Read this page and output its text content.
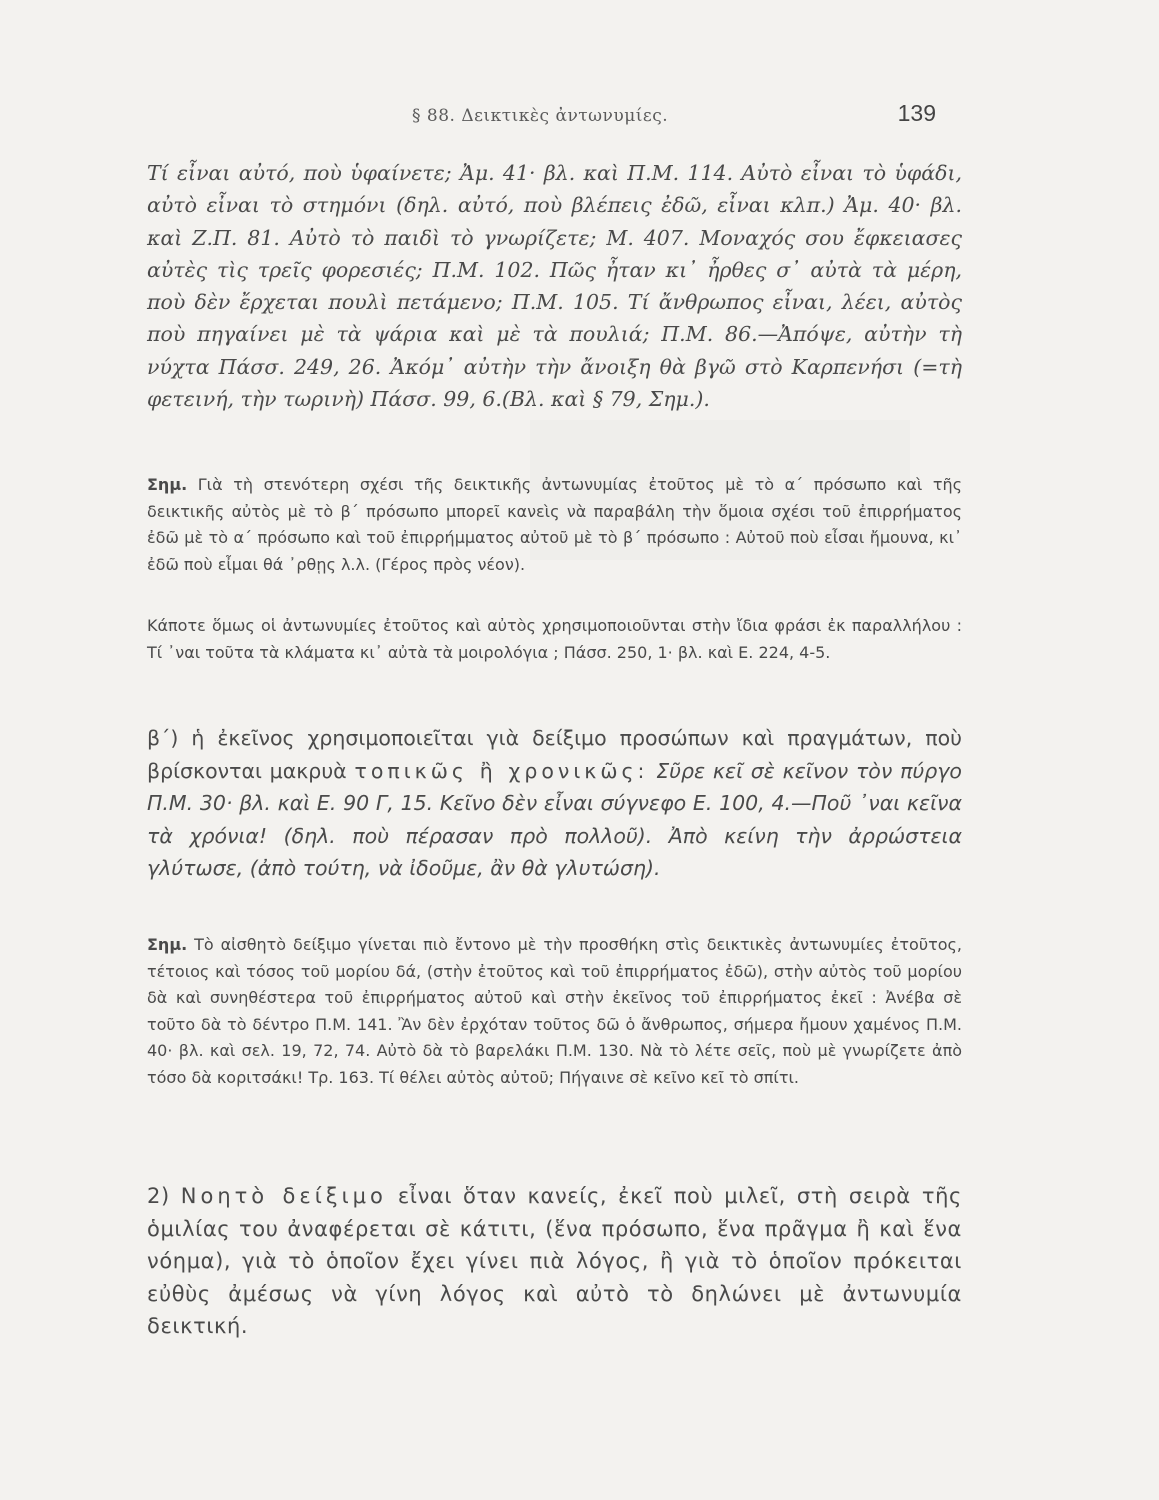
§ 88. Δεικτικὲς ἀντωνυμίες.	139

Τί εἶναι αὐτό, ποὺ ὑφαίνετε; Ἀμ. 41· βλ. καὶ Π.Μ. 114. Αὐτὸ εἶναι τὸ ὑφάδι, αὐτὸ εἶναι τὸ στημόνι (δηλ. αὐτό, ποὺ βλέπεις ἐδῶ, εἶναι κλπ.) Ἀμ. 40· βλ. καὶ Ζ.Π. 81. Αὐτὸ τὸ παιδὶ τὸ γνωρίζετε; Μ. 407. Μοναχός σου ἔφκειασες αὐτὲς τὶς τρεῖς φορεσιές; Π.Μ. 102. Πῶς ἦταν κι᾿ ἦρθες σ᾿ αὐτὰ τὰ μέρη, ποὺ δὲν ἔρχεται πουλὶ πετάμενο; Π.Μ. 105. Τί ἄνθρωπος εἶναι, λέει, αὐτὸς ποὺ πηγαίνει μὲ τὰ ψάρια καὶ μὲ τὰ πουλιά; Π.Μ. 86.—Ἀπόψε, αὐτὴν τὴ νύχτα Πάσσ. 249, 26. Ἀκόμ᾿ αὐτὴν τὴν ἄνοιξη θὰ βγῶ στὸ Καρπενήσι (=τὴ φετεινή, τὴν τωρινὴ) Πάσσ. 99, 6.(Βλ. καὶ § 79, Σημ.).

Σημ. Γιὰ τὴ στενότερη σχέσι τῆς δεικτικῆς ἀντωνυμίας ἐτοῦτος μὲ τὸ α΄ πρόσωπο καὶ τῆς δεικτικῆς αὐτὸς μὲ τὸ β΄ πρόσωπο μπορεῖ κανεὶς νὰ παραβάλη τὴν ὅμοια σχέσι τοῦ ἐπιρρήματος ἐδῶ μὲ τὸ α΄ πρόσωπο καὶ τοῦ ἐπιρρήμματος αὐτοῦ μὲ τὸ β΄ πρόσωπο : Αὐτοῦ ποὺ εἶσαι ἤμουνα, κι᾿ ἐδῶ ποὺ εἶμαι θά ᾿ρθῃς λ.λ. (Γέρος πρὸς νέον).

Κάποτε ὅμως οἱ ἀντωνυμίες ἐτοῦτος καὶ αὐτὸς χρησιμοποιοῦνται στὴν ἴδια φράσι ἐκ παραλλήλου : Τί ᾿ναι τοῦτα τὰ κλάματα κι᾿ αὐτὰ τὰ μοιρολόγια ; Πάσσ. 250, 1· βλ. καὶ Ε. 224, 4-5.

β΄) ἡ ἐκεῖνος χρησιμοποιεῖται γιὰ δείξιμο προσώπων καὶ πραγμάτων, ποὺ βρίσκονται μακρυὰ τοπικῶς ἢ χρονικῶς: Σῦρε κεῖ σὲ κεῖνον τὸν πύργο Π.Μ. 30· βλ. καὶ Ε. 90 Γ, 15. Κεῖνο δὲν εἶναι σύγνεφο Ε. 100, 4.—Ποῦ ᾿ναι κεῖνα τὰ χρόνια! (δηλ. ποὺ πέρασαν πρὸ πολλοῦ). Ἀπὸ κείνη τὴν ἀρρώστεια γλύτωσε, (ἀπὸ τούτη, νὰ ἰδοῦμε, ἂν θὰ γλυτώση).

Σημ. Τὸ αἰσθητὸ δείξιμο γίνεται πιὸ ἔντονο μὲ τὴν προσθήκη στὶς δεικτικὲς ἀντωνυμίες ἐτοῦτος, τέτοιος καὶ τόσος τοῦ μορίου δά, (στὴν ἐτοῦτος καὶ τοῦ ἐπιρρήματος ἐδῶ), στὴν αὐτὸς τοῦ μορίου δὰ καὶ συνηθέστερα τοῦ ἐπιρρήματος αὐτοῦ καὶ στὴν ἐκεῖνος τοῦ ἐπιρρήματος ἐκεῖ : Ἀνέβα σὲ τοῦτο δὰ τὸ δέντρο Π.Μ. 141. Ἂν δὲν ἐρχόταν τοῦτος δῶ ὁ ἄνθρωπος, σήμερα ἤμουν χαμένος Π.Μ. 40· βλ. καὶ σελ. 19, 72, 74. Αὐτὸ δὰ τὸ βαρελάκι Π.Μ. 130. Νὰ τὸ λέτε σεῖς, ποὺ μὲ γνωρίζετε ἀπὸ τόσο δὰ κοριτσάκι! Τρ. 163. Τί θέλει αὐτὸς αὐτοῦ; Πήγαινε σὲ κεῖνο κεῖ τὸ σπίτι.

2) Νοητὸ δείξιμο εἶναι ὅταν κανείς, ἐκεῖ ποὺ μιλεῖ, στὴ σειρὰ τῆς ὁμιλίας του ἀναφέρεται σὲ κάτιτι, (ἕνα πρόσωπο, ἕνα πρᾶγμα ἢ καὶ ἕνα νόημα), γιὰ τὸ ὁποῖον ἔχει γίνει πιὰ λόγος, ἢ γιὰ τὸ ὁποῖον πρόκειται εὐθὺς ἀμέσως νὰ γίνη λόγος καὶ αὐτὸ τὸ δηλώνει μὲ ἀντωνυμία δεικτική.
